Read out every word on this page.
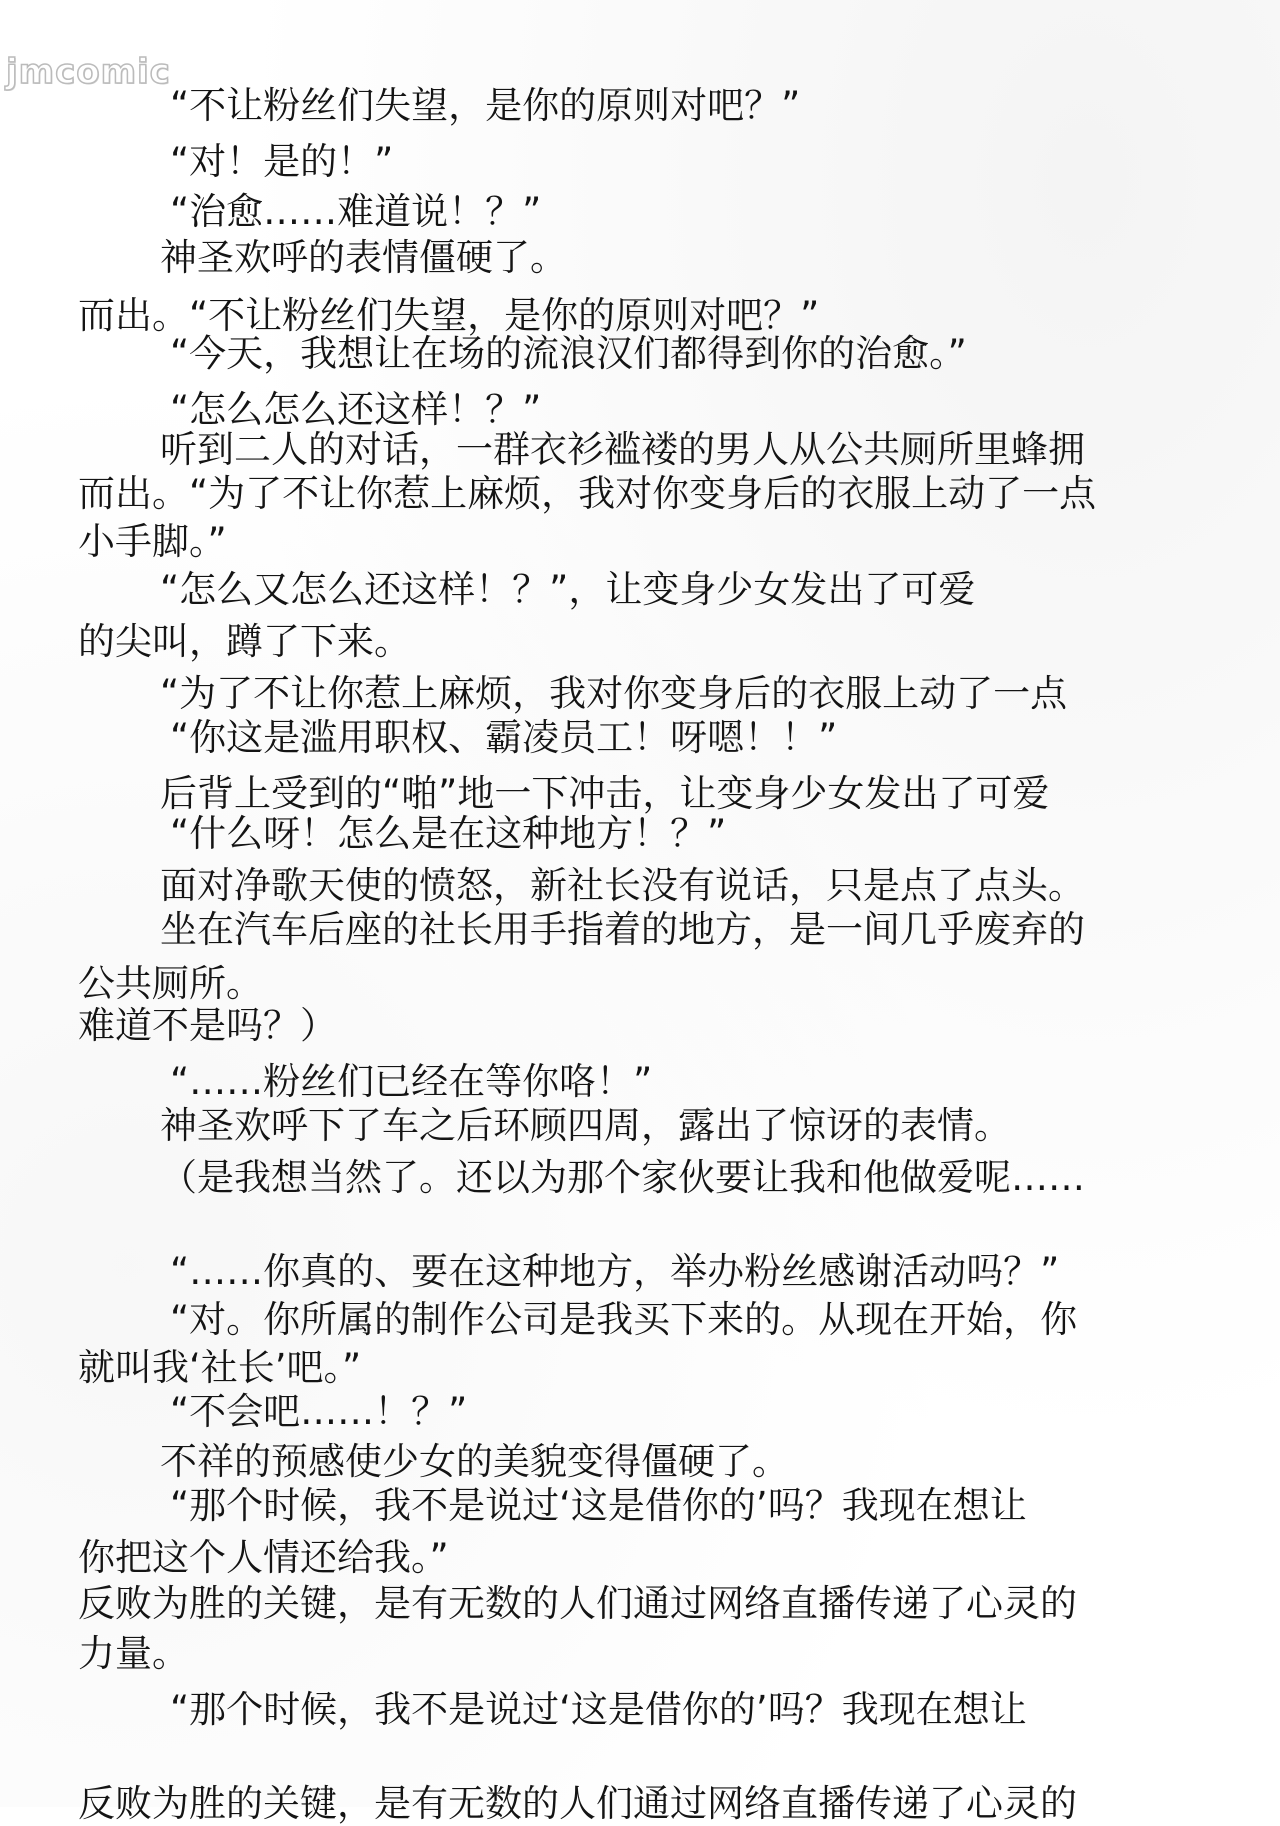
jmcomic
“不让粉丝们失望，是你的原则对吧？”
“对！是的！”
“治愈……难道说！？”
神圣欢呼的表情僵硬了。
而出。“不让粉丝们失望，是你的原则对吧？”
“今天，我想让在场的流浪汉们都得到你的治愈。”
“怎么怎么还这样！？”
听到二人的对话，一群衣衫褴褛的男人从公共厕所里蜂拥
而出。“为了不让你惹上麻烦，我对你变身后的衣服上动了一点
小手脚。”
“怎么又怎么还这样！？”，让变身少女发出了可爱
的尖叫，蹲了下来。
“为了不让你惹上麻烦，我对你变身后的衣服上动了一点
“你这是滥用职权、霸凌员工！呀嗯！！”
后背上受到的“啪”地一下冲击，让变身少女发出了可爱
“什么呀！怎么是在这种地方！？”
面对净歌天使的愤怒，新社长没有说话，只是点了点头。
坐在汽车后座的社长用手指着的地方，是一间几乎废弃的
公共厕所。
难道不是吗？）
“……粉丝们已经在等你咯！”
神圣欢呼下了车之后环顾四周，露出了惊讶的表情。
（是我想当然了。还以为那个家伙要让我和他做爱呢……
“……你真的、要在这种地方，举办粉丝感谢活动吗？”
“对。你所属的制作公司是我买下来的。从现在开始，你
就叫我‘社长’吧。”
“不会吧……！？”
不祥的预感使少女的美貌变得僵硬了。
“那个时候，我不是说过‘这是借你的’吗？我现在想让
你把这个人情还给我。”
反败为胜的关键，是有无数的人们通过网络直播传递了心灵的
力量。
“那个时候，我不是说过‘这是借你的’吗？我现在想让
反败为胜的关键，是有无数的人们通过网络直播传递了心灵的
